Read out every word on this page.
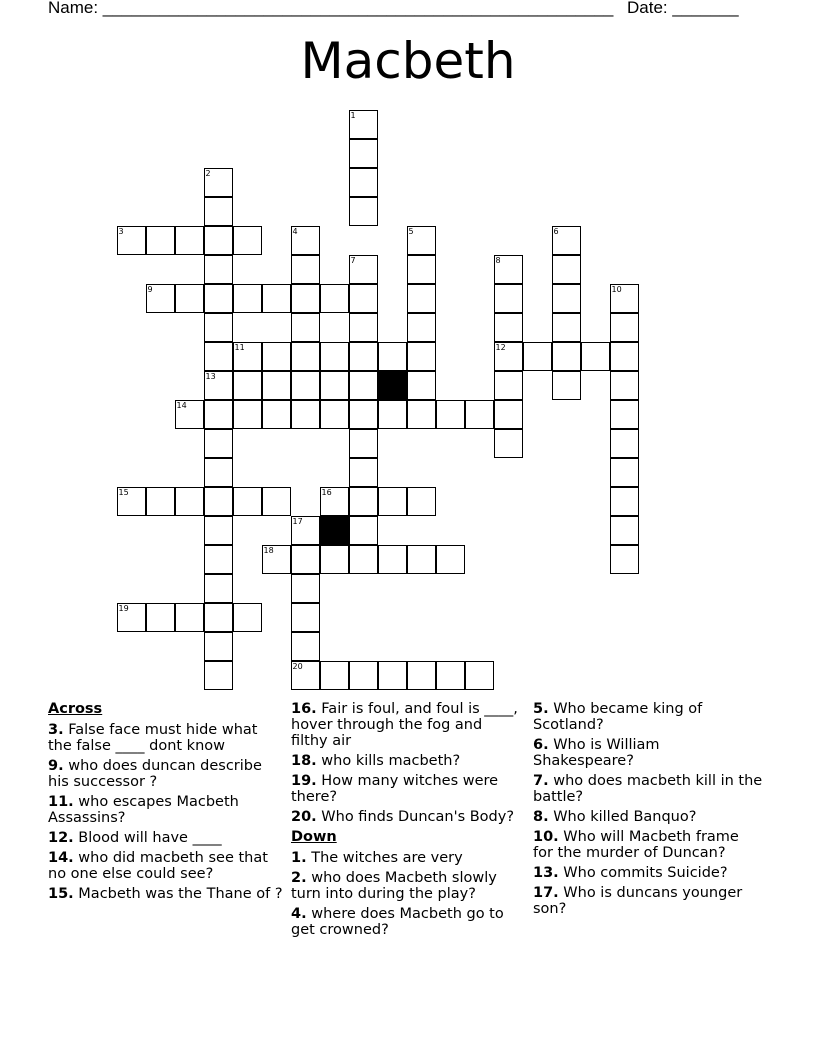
Name: ______________________________________________________ Date: _______
Macbeth
1
2
13
4	5	6
7	8
12
10
17
3
9
11
14
15	16
18
19
20
Across
3. False face must hide what the false ____ dont know
9. who does duncan describe his successor ?
11. who escapes Macbeth Assassins?
12. Blood will have ____
14. who did macbeth see that no one else could see?
15. Macbeth was the Thane of ?
16. Fair is foul, and foul is ____, hover through the fog and filthy air
18. who kills macbeth?
19. How many witches were there?
20. Who finds Duncan's Body?
Down
1. The witches are very
2. who does Macbeth slowly turn into during the play?
4. where does Macbeth go to get crowned?
5. Who became king of Scotland?
6. Who is William Shakespeare?
7. who does macbeth kill in the battle?
8. Who killed Banquo?
10. Who will Macbeth frame for the murder of Duncan?
13. Who commits Suicide?
17. Who is duncans younger son?
